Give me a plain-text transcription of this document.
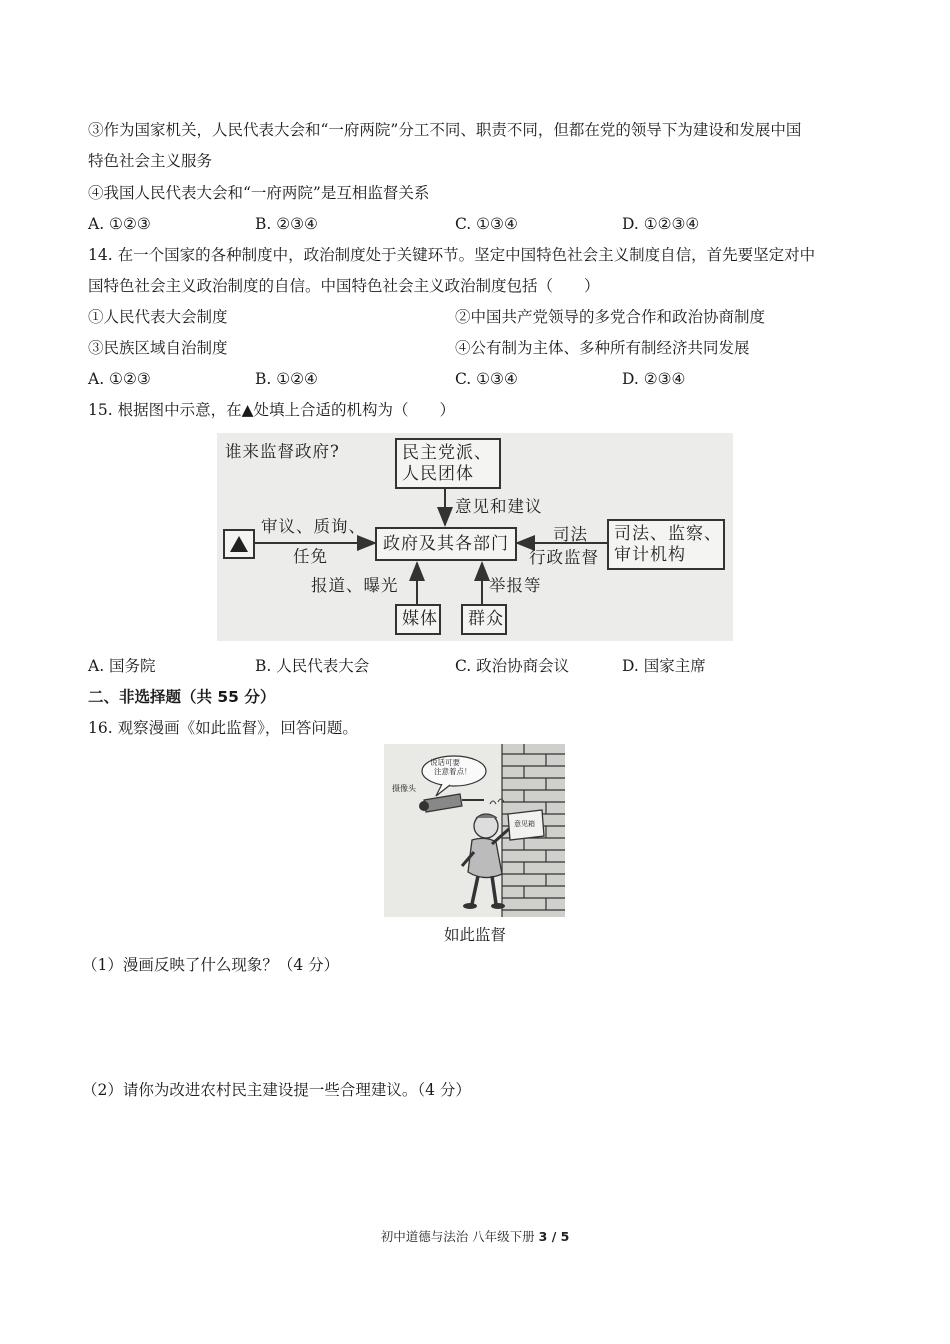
③作为国家机关，人民代表大会和“一府两院”分工不同、职责不同，但都在党的领导下为建设和发展中国
特色社会主义服务
④我国人民代表大会和“一府两院”是互相监督关系
A. ①②③	B. ②③④	C. ①③④	D. ①②③④
14. 在一个国家的各种制度中，政治制度处于关键环节。坚定中国特色社会主义制度自信，首先要坚定对中
国特色社会主义政治制度的自信。中国特色社会主义政治制度包括（　　）
①人民代表大会制度	②中国共产党领导的多党合作和政治协商制度
③民族区域自治制度	④公有制为主体、多种所有制经济共同发展
A. ①②③	B. ①②④	C. ①③④	D. ②③④
15. 根据图中示意，在▲处填上合适的机构为（　　）
谁来监督政府?	民主党派、
人民团体
意见和建议
审议、质询、
任免
政府及其各部门	司法
行政监督
司法、监察、
审计机构
报道、曝光	举报等
媒体 群众
A. 国务院	B. 人民代表大会	C. 政治协商会议	D. 国家主席
二、非选择题（共 55 分）
16. 观察漫画《如此监督》，回答问题。
说话可要
注意着点！
摄像头
意见箱
如此监督
（1）漫画反映了什么现象？（4 分）
（2）请你为改进农村民主建设提一些合理建议。（4 分）
初中道德与法治 八年级下册 3 / 5
